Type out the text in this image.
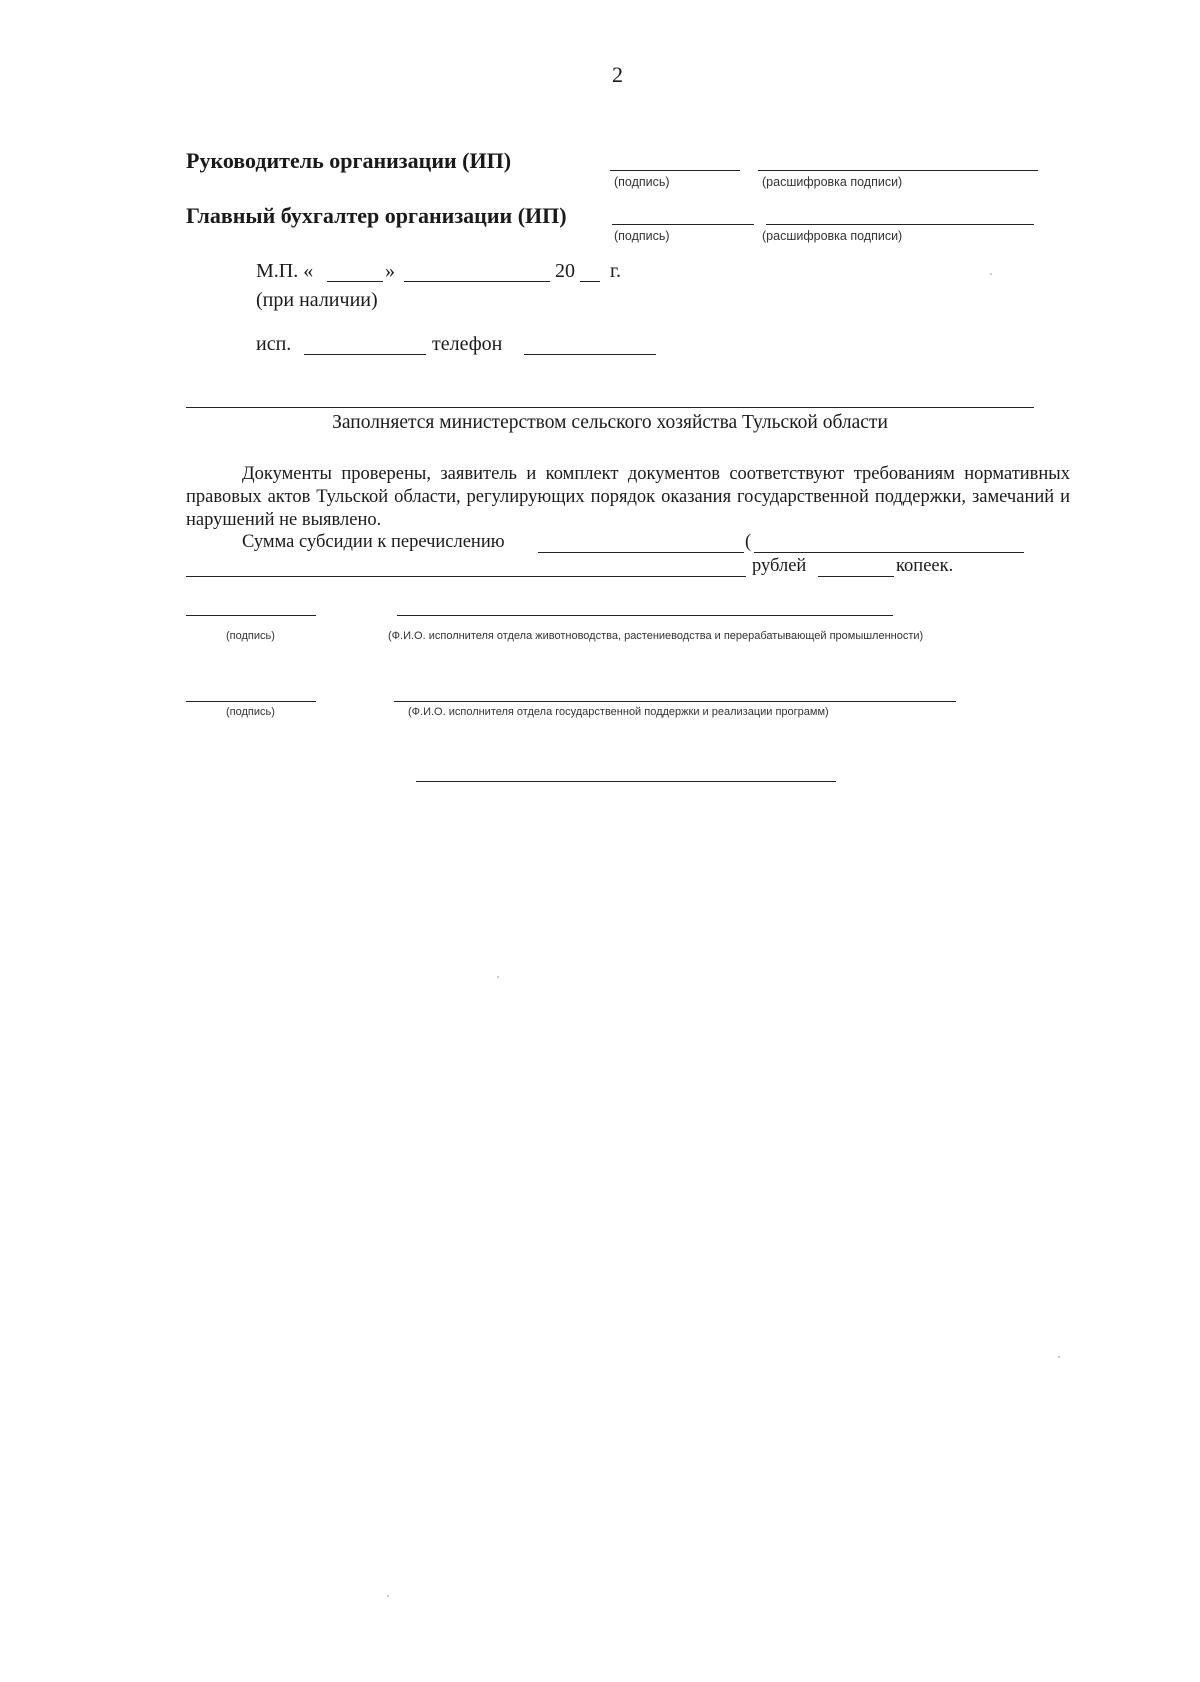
2
Руководитель организации (ИП)
(подпись)	(расшифровка подписи)
Главный бухгалтер организации (ИП)
(подпись)	(расшифровка подписи)
М.П. «	»	20 г.
(при наличии)
исп.	телефон
Заполняется министерством сельского хозяйства Тульской области
Документы проверены, заявитель и комплект документов соответствуют требованиям нормативных правовых актов Тульской области, регулирующих порядок оказания государственной поддержки, замечаний и нарушений не выявлено.
Сумма субсидии к перечислению	(
рублей	копеек.
(подпись)	(Ф.И.О. исполнителя отдела животноводства, растениеводства и перерабатывающей промышленности)
(подпись)	(Ф.И.О. исполнителя отдела государственной поддержки и реализации программ)
